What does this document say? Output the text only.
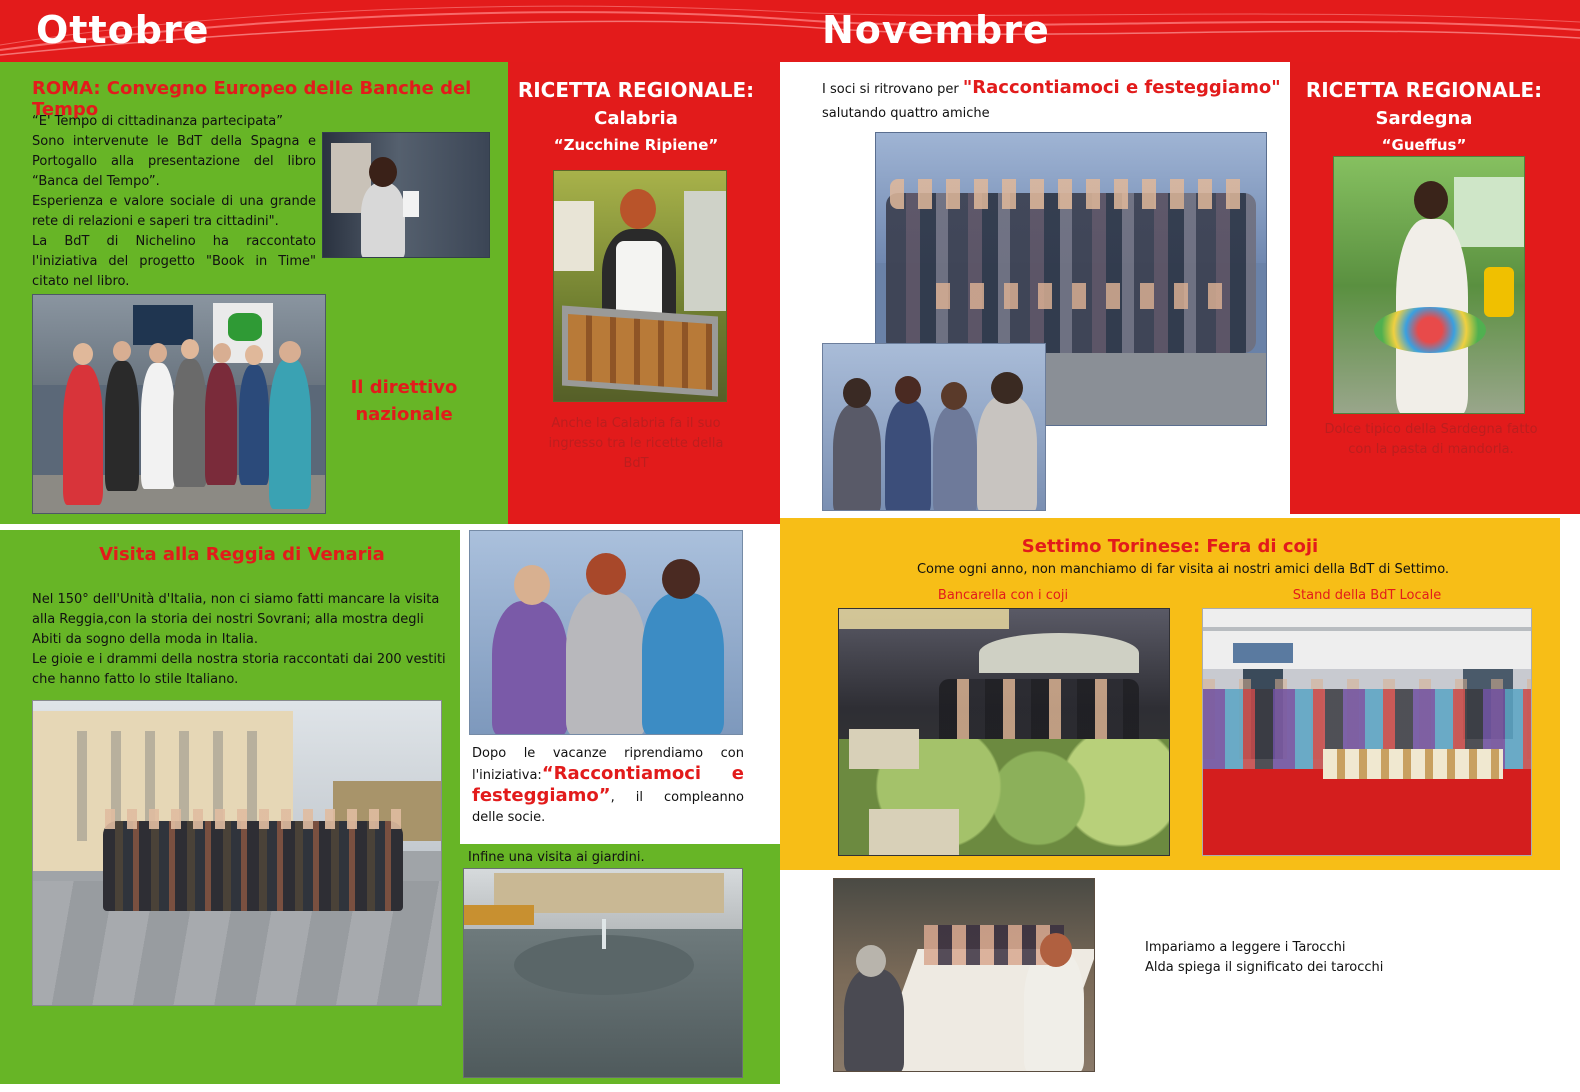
Ottobre	Novembre
ROMA: Convegno Europeo delle Banche del Tempo
“E' Tempo di cittadinanza partecipata”
Sono intervenute le BdT della Spagna e Portogallo alla presentazione del libro “Banca del Tempo”.
Esperienza e valore sociale di una grande rete di relazioni e saperi tra cittadini".
La BdT di Nichelino ha raccontato l'iniziativa del progetto "Book in Time" citato nel libro.
Il direttivo nazionale
RICETTA REGIONALE:
Calabria
“Zucchine Ripiene”
Anche la Calabria fa il suo ingresso tra le ricette della BdT
I soci si ritrovano per "Raccontiamoci e festeggiamo"
salutando quattro amiche
RICETTA REGIONALE:
Sardegna
“Gueffus”
Dolce tipico della Sardegna fatto con la pasta di mandorla.
Visita alla Reggia di Venaria
Nel 150° dell'Unità d'Italia, non ci siamo fatti mancare la visita alla Reggia,con la storia dei nostri Sovrani; alla mostra degli Abiti da sogno della moda in Italia.
Le gioie e i drammi della nostra storia raccontati dai 200 vestiti che hanno fatto lo stile Italiano.
Dopo le vacanze riprendiamo con l'iniziativa:“Raccontiamoci e festeggiamo”, il compleanno delle socie.
Infine una visita ai giardini.
Settimo Torinese: Fera di coji
Come ogni anno, non manchiamo di far visita ai nostri amici della BdT di Settimo.
Bancarella con i coji	Stand della BdT Locale
Impariamo a leggere i Tarocchi
Alda spiega il significato dei tarocchi
